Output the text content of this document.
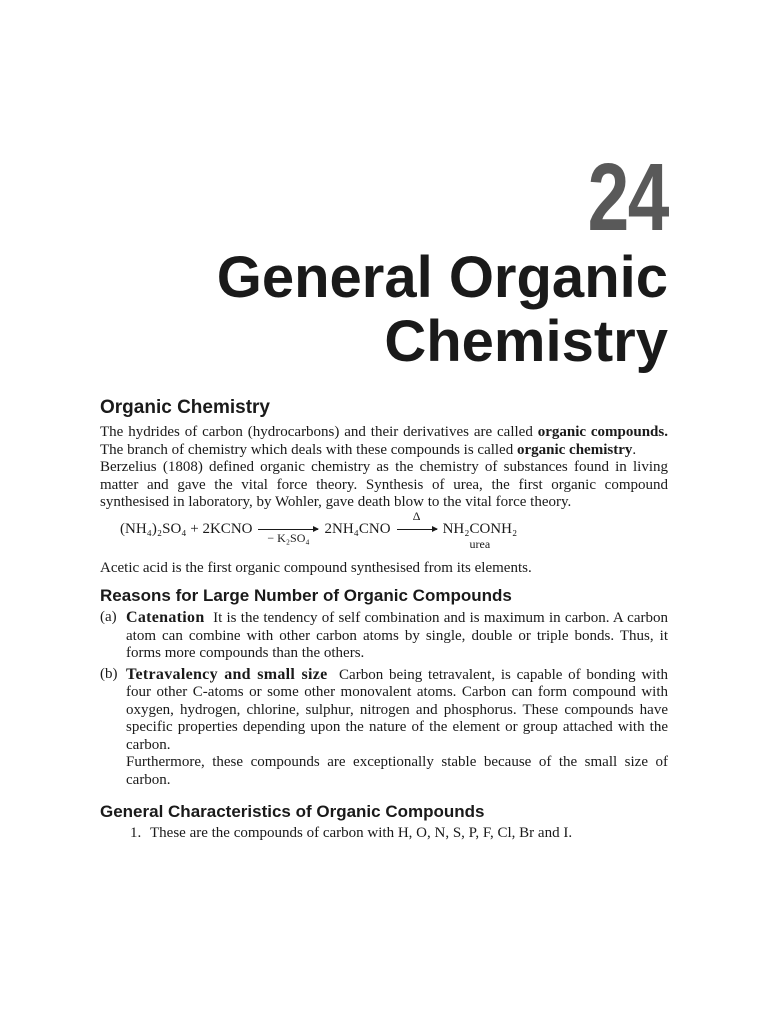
24
General Organic
Chemistry
Organic Chemistry

The hydrides of carbon (hydrocarbons) and their derivatives are called organic compounds. The branch of chemistry which deals with these compounds is called organic chemistry.

Berzelius (1808) defined organic chemistry as the chemistry of substances found in living matter and gave the vital force theory. Synthesis of urea, the first organic compound synthesised in laboratory, by Wohler, gave death blow to the vital force theory.

(NH₄)₂SO₄ + 2KCNO
− K₂SO₄
2NH₄CNO
Δ
NH₂CONH₂
urea

Acetic acid is the first organic compound synthesised from its elements.

Reasons for Large Number of Organic Compounds
(a) Catenation It is the tendency of self combination and is maximum in carbon. A carbon atom can combine with other carbon atoms by single, double or triple bonds. Thus, it forms more compounds than the others.
(b) Tetravalency and small size Carbon being tetravalent, is capable of bonding with four other C-atoms or some other monovalent atoms. Carbon can form compound with oxygen, hydrogen, chlorine, sulphur, nitrogen and phosphorus. These compounds have specific properties depending upon the nature of the element or group attached with the carbon.
Furthermore, these compounds are exceptionally stable because of the small size of carbon.
General Characteristics of Organic Compounds
1. These are the compounds of carbon with H, O, N, S, P, F, Cl, Br and I.
